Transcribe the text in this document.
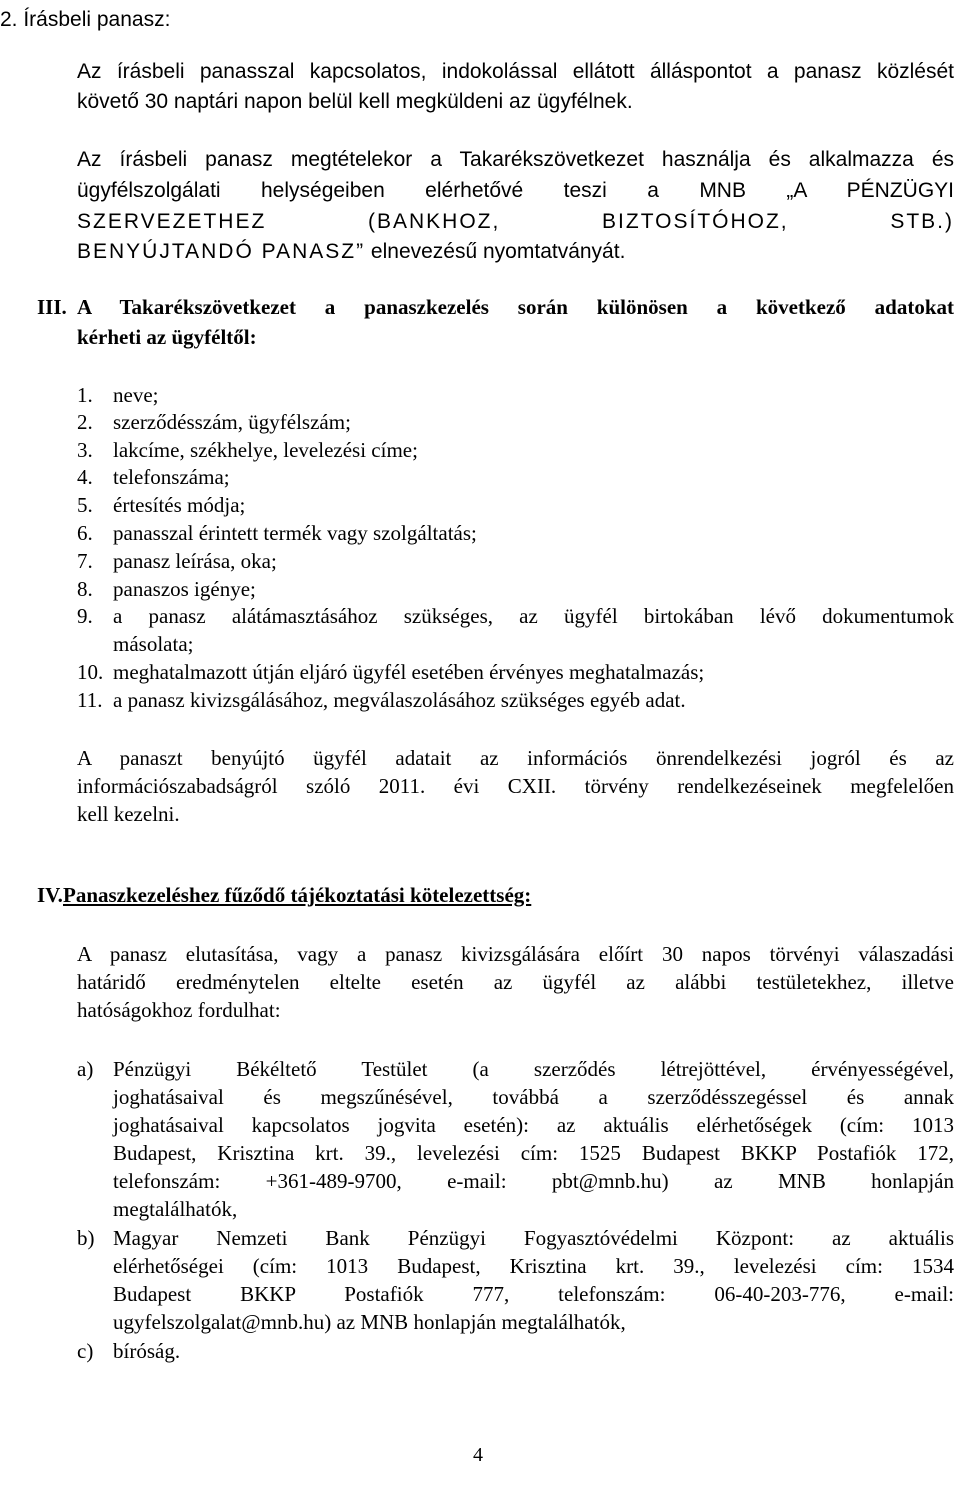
2. Írásbeli panasz:
Az írásbeli panasszal kapcsolatos, indokolással ellátott álláspontot a panasz közlését
követő 30 naptári napon belül kell megküldeni az ügyfélnek.
Az írásbeli panasz megtételekor a Takarékszövetkezet használja és alkalmazza és
ügyfélszolgálati helységeiben elérhetővé teszi a MNB „A PÉNZÜGYI
SZERVEZETHEZ (BANKHOZ, BIZTOSÍTÓHOZ, STB.)
BENYÚJTANDÓ PANASZ” elnevezésű nyomtatványát.
III. A Takarékszövetkezet a panaszkezelés során különösen a következő adatokat
kérheti az ügyféltől:
1. neve;
2. szerződésszám, ügyfélszám;
3. lakcíme, székhelye, levelezési címe;
4. telefonszáma;
5. értesítés módja;
6. panasszal érintett termék vagy szolgáltatás;
7. panasz leírása, oka;
8. panaszos igénye;
9. a panasz alátámasztásához szükséges, az ügyfél birtokában lévő dokumentumok
másolata;
10. meghatalmazott útján eljáró ügyfél esetében érvényes meghatalmazás;
11. a panasz kivizsgálásához, megválaszolásához szükséges egyéb adat.
A panaszt benyújtó ügyfél adatait az információs önrendelkezési jogról és az
információszabadságról szóló 2011. évi CXII. törvény rendelkezéseinek megfelelően
kell kezelni.
IV. Panaszkezeléshez fűződő tájékoztatási kötelezettség:
A panasz elutasítása, vagy a panasz kivizsgálására előírt 30 napos törvényi válaszadási
határidő eredménytelen eltelte esetén az ügyfél az alábbi testületekhez, illetve
hatóságokhoz fordulhat:
a) Pénzügyi Békéltető Testület (a szerződés létrejöttével, érvényességével,
joghatásaival és megszűnésével, továbbá a szerződésszegéssel és annak
joghatásaival kapcsolatos jogvita esetén): az aktuális elérhetőségek (cím: 1013
Budapest, Krisztina krt. 39., levelezési cím: 1525 Budapest BKKP Postafiók 172,
telefonszám: +361-489-9700, e-mail: pbt@mnb.hu) az MNB honlapján
megtalálhatók,
b) Magyar Nemzeti Bank Pénzügyi Fogyasztóvédelmi Központ: az aktuális
elérhetőségei (cím: 1013 Budapest, Krisztina krt. 39., levelezési cím: 1534
Budapest BKKP Postafiók 777, telefonszám: 06-40-203-776, e-mail:
ugyfelszolgalat@mnb.hu) az MNB honlapján megtalálhatók,
c) bíróság.
4
